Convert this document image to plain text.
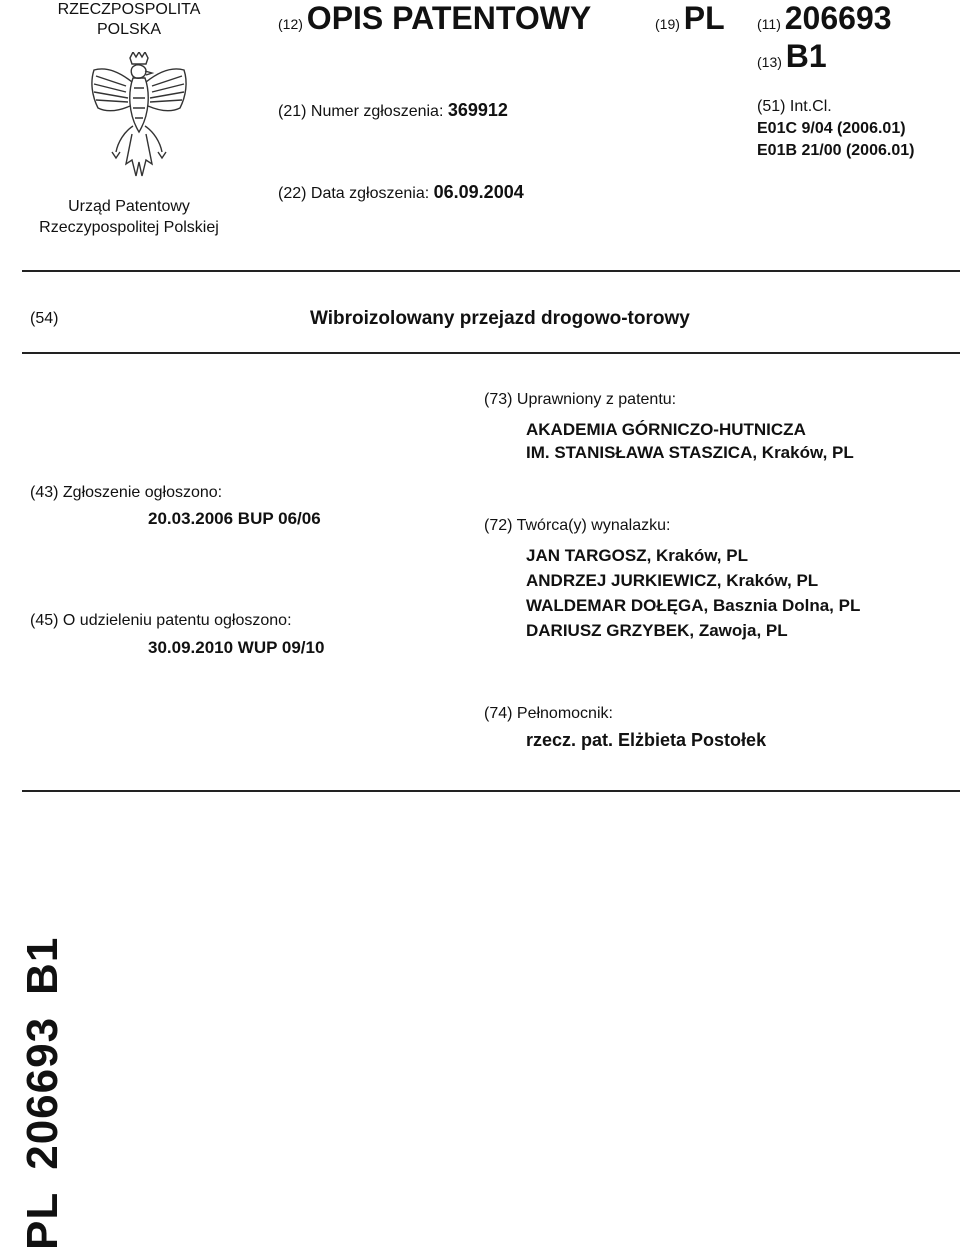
RZECZPOSPOLITA
POLSKA
Urząd Patentowy
Rzeczypospolitej Polskiej
(12) OPIS PATENTOWY	(19) PL (11) 206693
(13) B1
(21) Numer zgłoszenia: 369912	(51) Int.Cl.
E01C 9/04 (2006.01)
E01B 21/00 (2006.01)
(22) Data zgłoszenia: 06.09.2004
(54)	Wibroizolowany przejazd drogowo-torowy
(73) Uprawniony z patentu:
AKADEMIA GÓRNICZO-HUTNICZA
IM. STANISŁAWA STASZICA, Kraków, PL
(43) Zgłoszenie ogłoszono:
20.03.2006 BUP 06/06	(72) Twórca(y) wynalazku:
JAN TARGOSZ, Kraków, PL
ANDRZEJ JURKIEWICZ, Kraków, PL
WALDEMAR DOŁĘGA, Basznia Dolna, PL
DARIUSZ GRZYBEK, Zawoja, PL
(45) O udzieleniu patentu ogłoszono:
30.09.2010 WUP 09/10
(74) Pełnomocnik:
rzecz. pat. Elżbieta Postołek
PL206693B1
